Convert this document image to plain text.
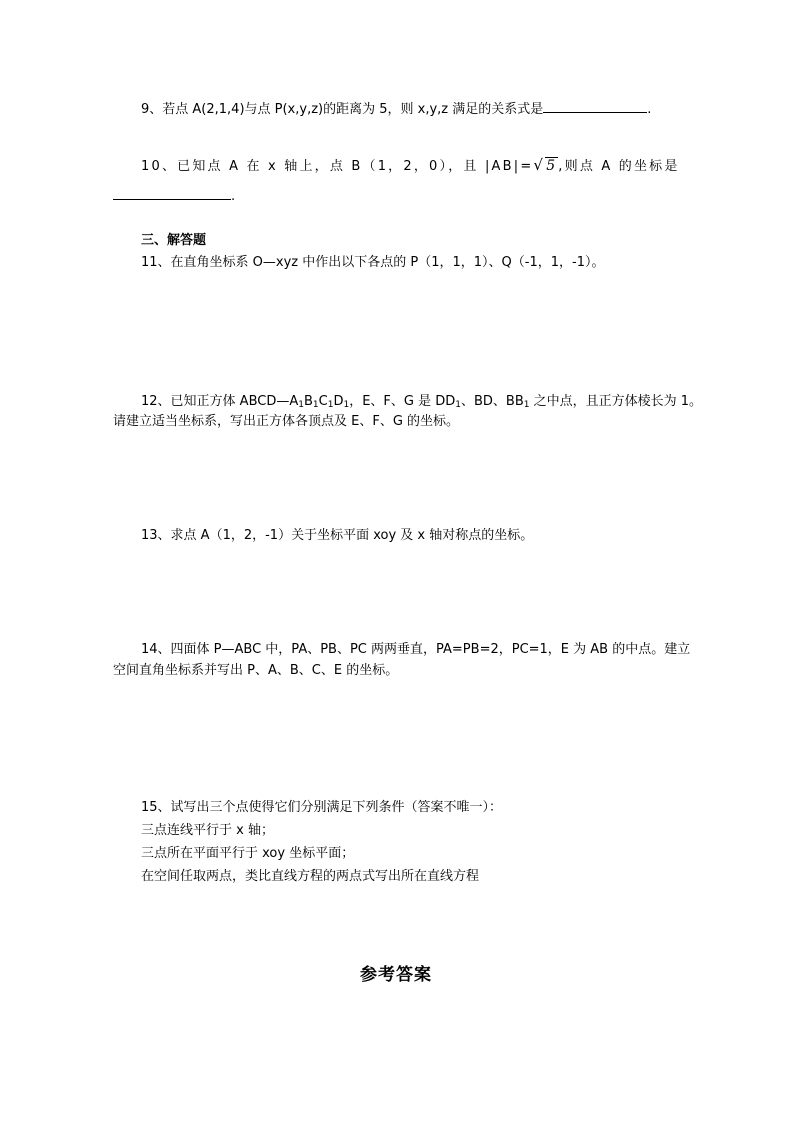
9、若点 A(2,1,4)与点 P(x,y,z)的距离为 5，则 x,y,z 满足的关系式是	.
10、已知点 A 在 x 轴上，点 B（1，2，0），且 |AB|=√5,则点 A 的坐标是
.
三、解答题
11、在直角坐标系 O—xyz 中作出以下各点的 P（1，1，1）、Q（-1，1，-1）。
12、已知正方体 $ABCD—A_1B_1C_1D_1$，E、F、G 是 $DD_1$、BD、$BB_1$ 之中点，且正方体棱长为 1。
请建立适当坐标系，写出正方体各顶点及 E、F、G 的坐标。
13、求点 A（1，2，-1）关于坐标平面 xoy 及 x 轴对称点的坐标。
14、四面体 P—ABC 中，PA、PB、PC 两两垂直，PA=PB=2，PC=1，E 为 AB 的中点。建立
空间直角坐标系并写出 P、A、B、C、E 的坐标。
15、试写出三个点使得它们分别满足下列条件（答案不唯一）：
三点连线平行于 x 轴；
三点所在平面平行于 xoy 坐标平面；
在空间任取两点，类比直线方程的两点式写出所在直线方程
参考答案
